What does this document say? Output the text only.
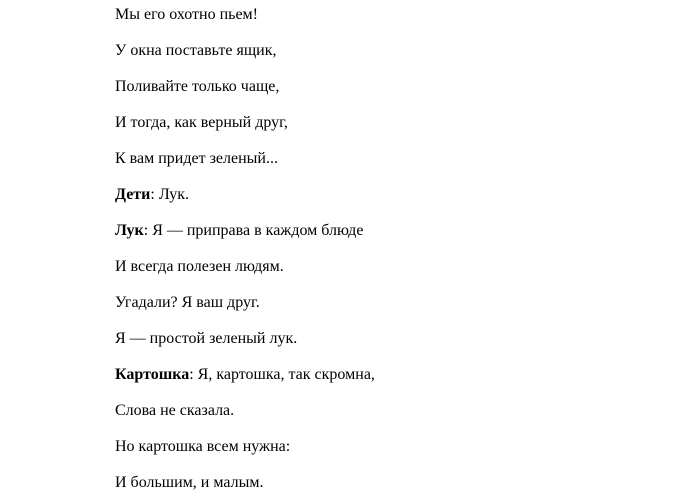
Мы его охотно пьем!

У окна поставьте ящик,

Поливайте только чаще,

И тогда, как верный друг,

К вам придет зеленый...

Дети: Лук.

Лук: Я — приправа в каждом блюде

И всегда полезен людям.

Угадали? Я ваш друг.

Я — простой зеленый лук.

Картошка: Я, картошка, так скромна,

Слова не сказала.

Но картошка всем нужна:

И большим, и малым.
